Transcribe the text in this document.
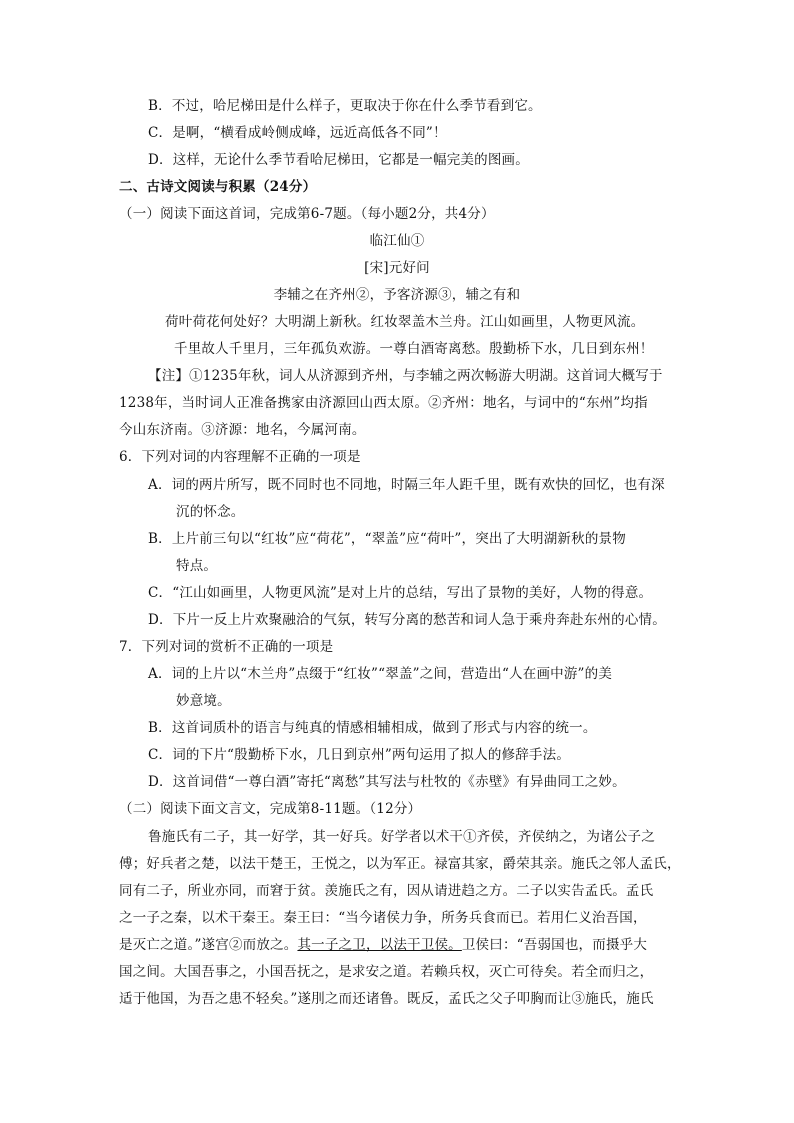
B．不过，哈尼梯田是什么样子，更取决于你在什么季节看到它。
C．是啊，“横看成岭侧成峰，远近高低各不同”！
D．这样，无论什么季节看哈尼梯田，它都是一幅完美的图画。
二、古诗文阅读与积累（24分）
（一）阅读下面这首词，完成第6-7题。（每小题2分，共4分）
临江仙①
[宋]元好问
李辅之在齐州②，予客济源③，辅之有和
荷叶荷花何处好？大明湖上新秋。红妆翠盖木兰舟。江山如画里，人物更风流。
千里故人千里月，三年孤负欢游。一尊白酒寄离愁。殷勤桥下水，几日到东州！
【注】①1235年秋，词人从济源到齐州，与李辅之两次畅游大明湖。这首词大概写于
1238年，当时词人正准备携家由济源回山西太原。②齐州：地名，与词中的“东州”均指
今山东济南。③济源：地名，今属河南。
6．下列对词的内容理解不正确的一项是
A．词的两片所写，既不同时也不同地，时隔三年人距千里，既有欢快的回忆，也有深
沉的怀念。
B．上片前三句以“红妆”应“荷花”，“翠盖”应“荷叶”，突出了大明湖新秋的景物
特点。
C．“江山如画里，人物更风流”是对上片的总结，写出了景物的美好，人物的得意。
D．下片一反上片欢聚融洽的气氛，转写分离的愁苦和词人急于乘舟奔赴东州的心情。
7．下列对词的赏析不正确的一项是
A．词的上片以“木兰舟”点缀于“红妆”“翠盖”之间，营造出“人在画中游”的美
妙意境。
B．这首词质朴的语言与纯真的情感相辅相成，做到了形式与内容的统一。
C．词的下片“殷勤桥下水，几日到京州”两句运用了拟人的修辞手法。
D．这首词借“一尊白酒”寄托“离愁”其写法与杜牧的《赤壁》有异曲同工之妙。
（二）阅读下面文言文，完成第8-11题。（12分）
鲁施氏有二子，其一好学，其一好兵。好学者以术干①齐侯，齐侯纳之，为诸公子之
傅；好兵者之楚，以法干楚王，王悦之，以为军正。禄富其家，爵荣其亲。施氏之邻人孟氏，
同有二子，所业亦同，而窘于贫。羡施氏之有，因从请进趋之方。二子以实告孟氏。孟氏
之一子之秦，以术干秦王。秦王曰：“当今诸侯力争，所务兵食而已。若用仁义治吾国，
是灭亡之道。”遂宫②而放之。其一子之卫，以法干卫侯。卫侯曰：“吾弱国也，而摄乎大
国之间。大国吾事之，小国吾抚之，是求安之道。若赖兵权，灭亡可待矣。若全而归之，
适于他国，为吾之患不轻矣。”遂刖之而还诸鲁。既反，孟氏之父子叩胸而让③施氏，施氏
